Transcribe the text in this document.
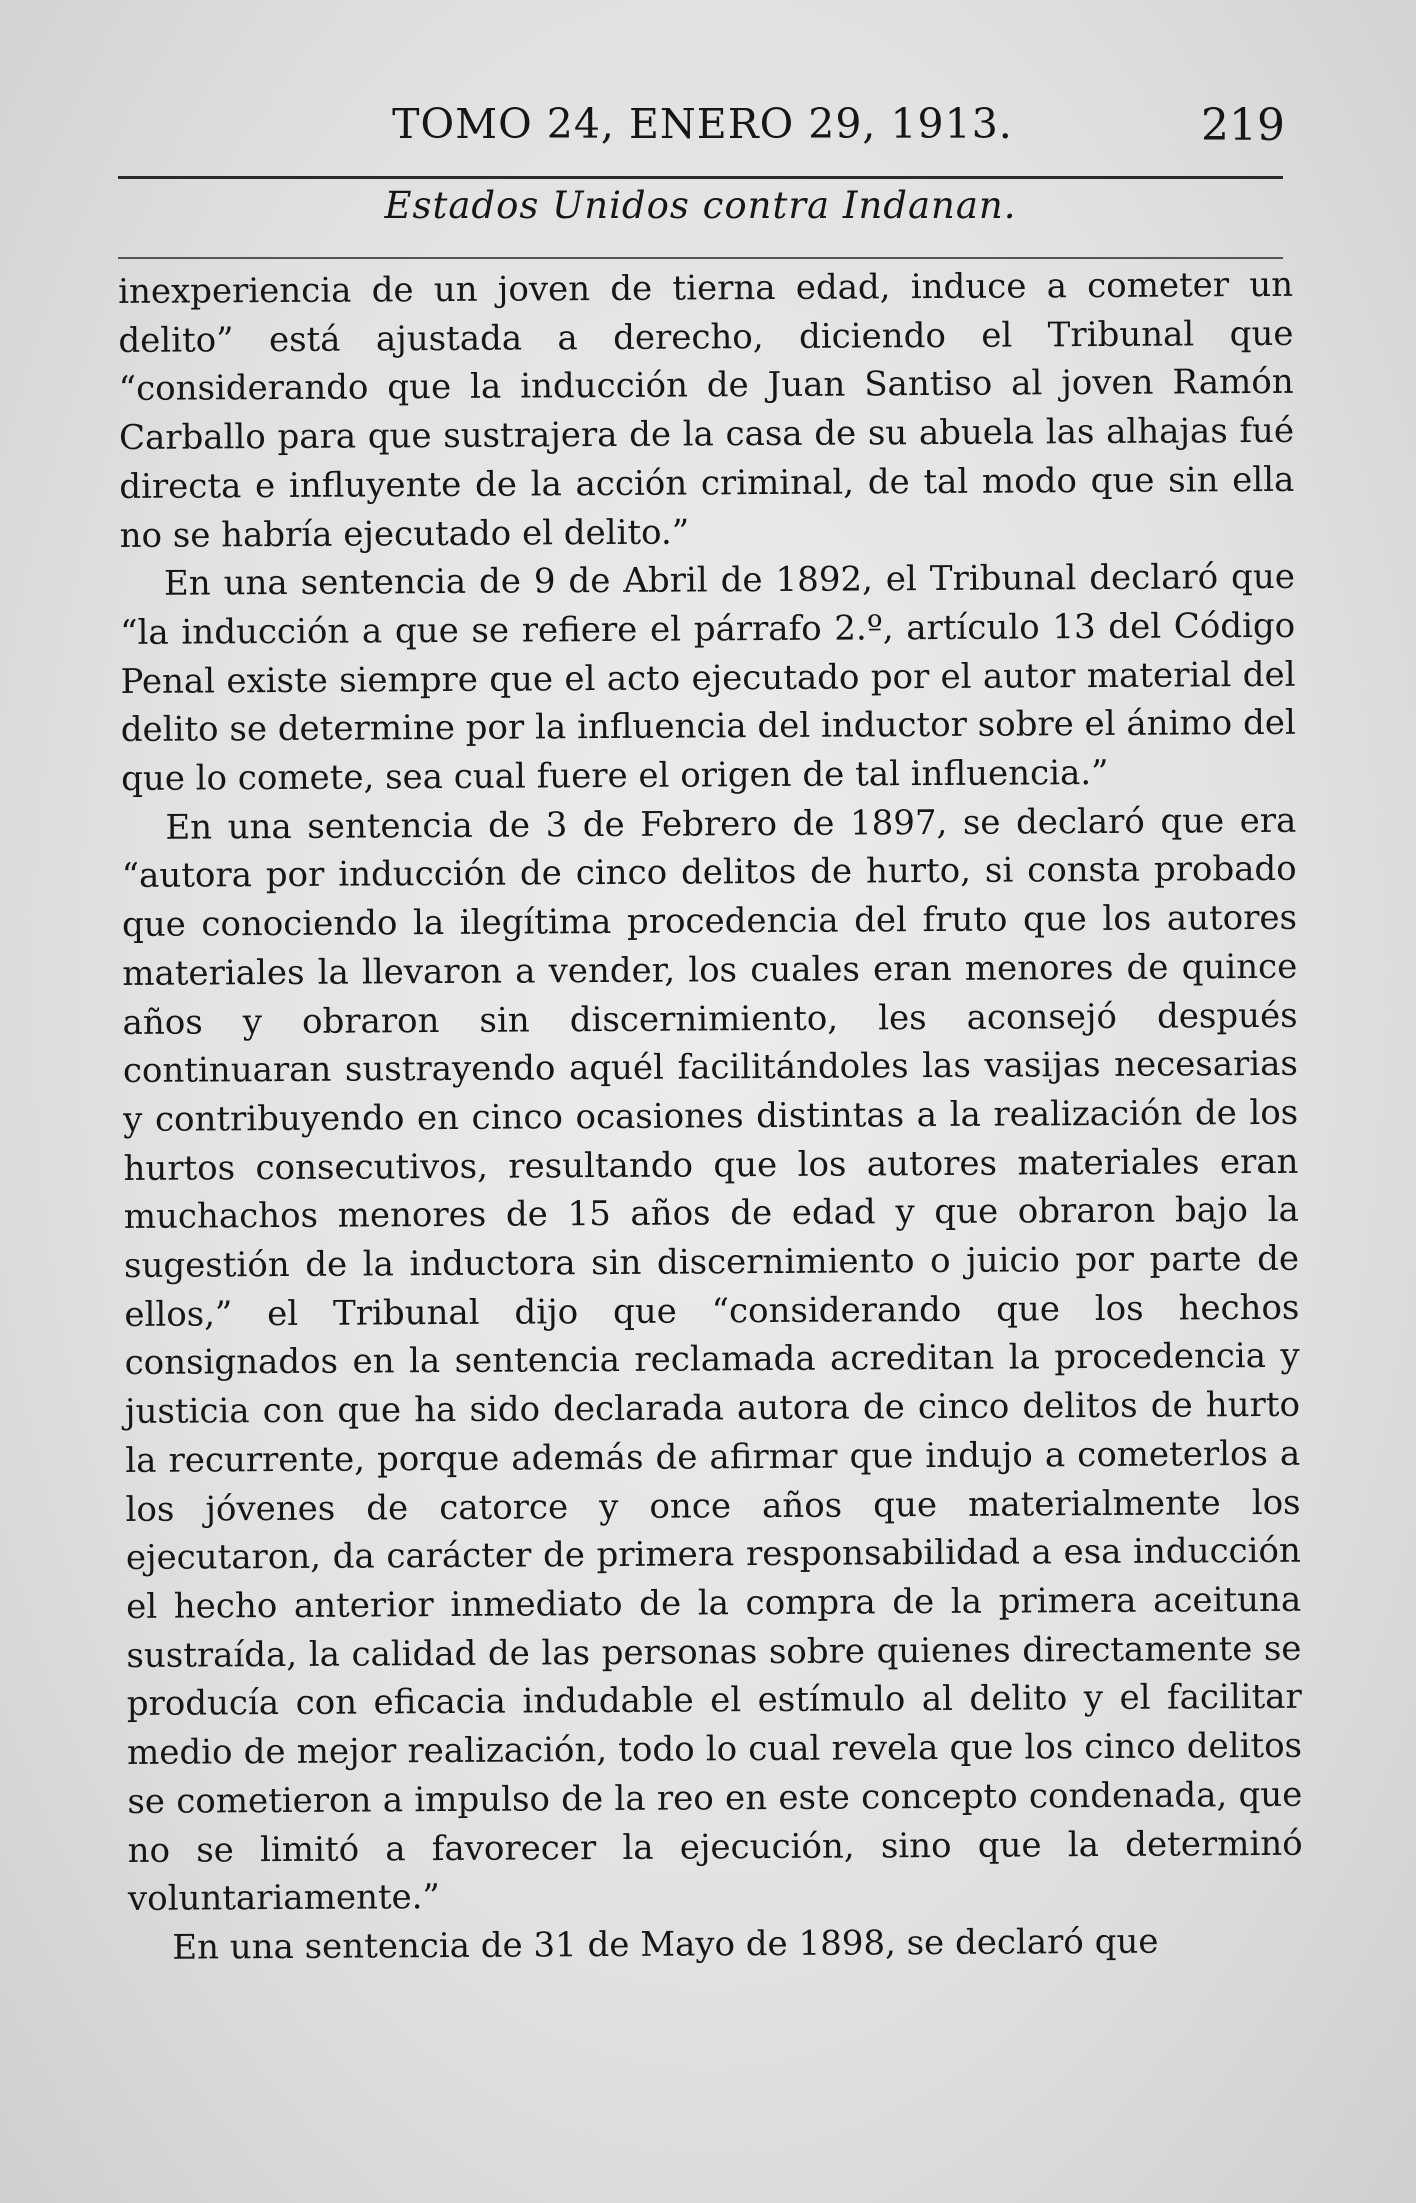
TOMO 24, ENERO 29, 1913.	219
Estados Unidos contra Indanan.

inexperiencia de un joven de tierna edad, induce a cometer un delito” está ajustada a derecho, diciendo el Tribunal que “considerando que la inducción de Juan Santiso al joven Ramón Carballo para que sustrajera de la casa de su abuela las alhajas fué directa e influyente de la acción criminal, de tal modo que sin ella no se habría ejecutado el delito.”

En una sentencia de 9 de Abril de 1892, el Tribunal declaró que “la inducción a que se refiere el párrafo 2.º, artículo 13 del Código Penal existe siempre que el acto ejecutado por el autor material del delito se determine por la influencia del inductor sobre el ánimo del que lo comete, sea cual fuere el origen de tal influencia.”

En una sentencia de 3 de Febrero de 1897, se declaró que era “autora por inducción de cinco delitos de hurto, si consta probado que conociendo la ilegítima procedencia del fruto que los autores materiales la llevaron a vender, los cuales eran menores de quince años y obraron sin discernimiento, les aconsejó después continuaran sustrayendo aquél facilitándoles las vasijas necesarias y contribuyendo en cinco ocasiones distintas a la realización de los hurtos consecutivos, resultando que los autores materiales eran muchachos menores de 15 años de edad y que obraron bajo la sugestión de la inductora sin discernimiento o juicio por parte de ellos,” el Tribunal dijo que “considerando que los hechos consignados en la sentencia reclamada acreditan la procedencia y justicia con que ha sido declarada autora de cinco delitos de hurto la recurrente, porque además de afirmar que indujo a cometerlos a los jóvenes de catorce y once años que materialmente los ejecutaron, da carácter de primera responsabilidad a esa inducción el hecho anterior inmediato de la compra de la primera aceituna sustraída, la calidad de las personas sobre quienes directamente se producía con eficacia indudable el estímulo al delito y el facilitar medio de mejor realización, todo lo cual revela que los cinco delitos se cometieron a impulso de la reo en este concepto condenada, que no se limitó a favorecer la ejecución, sino que la determinó voluntariamente.”

En una sentencia de 31 de Mayo de 1898, se declaró que
